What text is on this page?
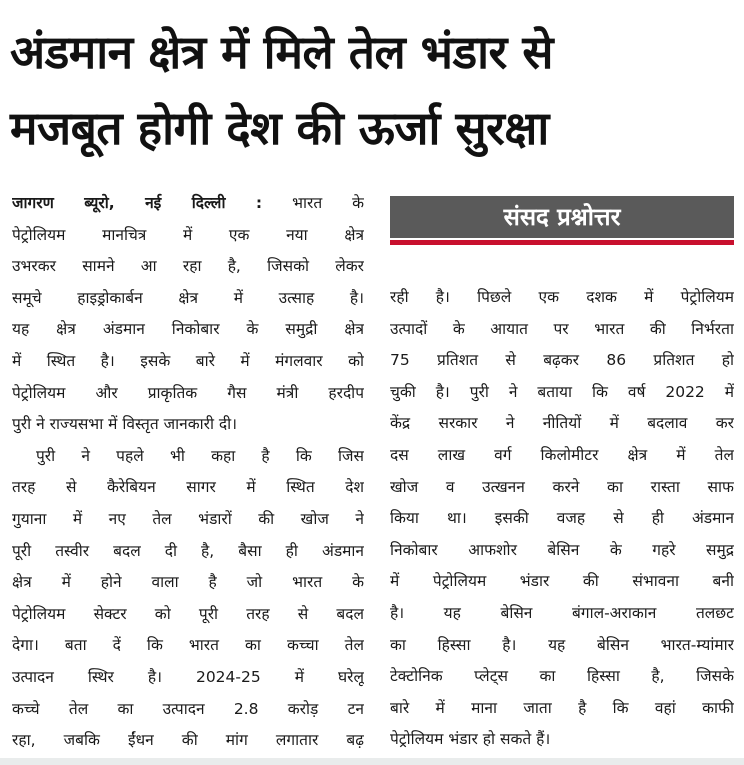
अंडमान क्षेत्र में मिले तेल भंडार से
मजबूत होगी देश की ऊर्जा सुरक्षा
जागरण ब्यूरो, नई दिल्ली : भारत के
पेट्रोलियम मानचित्र में एक नया क्षेत्र
उभरकर सामने आ रहा है, जिसको लेकर
समूचे हाइड्रोकार्बन क्षेत्र में उत्साह है।
यह क्षेत्र अंडमान निकोबार के समुद्री क्षेत्र
में स्थित है। इसके बारे में मंगलवार को
पेट्रोलियम और प्राकृतिक गैस मंत्री हरदीप
पुरी ने राज्यसभा में विस्तृत जानकारी दी।
पुरी ने पहले भी कहा है कि जिस
तरह से कैरेबियन सागर में स्थित देश
गुयाना में नए तेल भंडारों की खोज ने
पूरी तस्वीर बदल दी है, बैसा ही अंडमान
क्षेत्र में होने वाला है जो भारत के
पेट्रोलियम सेक्टर को पूरी तरह से बदल
देगा। बता दें कि भारत का कच्चा तेल
उत्पादन स्थिर है। 2024-25 में घरेलू
कच्चे तेल का उत्पादन 2.8 करोड़ टन
रहा, जबकि ईंधन की मांग लगातार बढ़
संसद प्रश्नोत्तर
रही है। पिछले एक दशक में पेट्रोलियम
उत्पादों के आयात पर भारत की निर्भरता
75 प्रतिशत से बढ़कर 86 प्रतिशत हो
चुकी है। पुरी ने बताया कि वर्ष 2022 में
केंद्र सरकार ने नीतियों में बदलाव कर
दस लाख वर्ग किलोमीटर क्षेत्र में तेल
खोज व उत्खनन करने का रास्ता साफ
किया था। इसकी वजह से ही अंडमान
निकोबार आफशोर बेसिन के गहरे समुद्र
में पेट्रोलियम भंडार की संभावना बनी
है। यह बेसिन बंगाल-अराकान तलछट
का हिस्सा है। यह बेसिन भारत-म्यांमार
टेक्टोनिक प्लेट्स का हिस्सा है, जिसके
बारे में माना जाता है कि वहां काफी
पेट्रोलियम भंडार हो सकते हैं।
